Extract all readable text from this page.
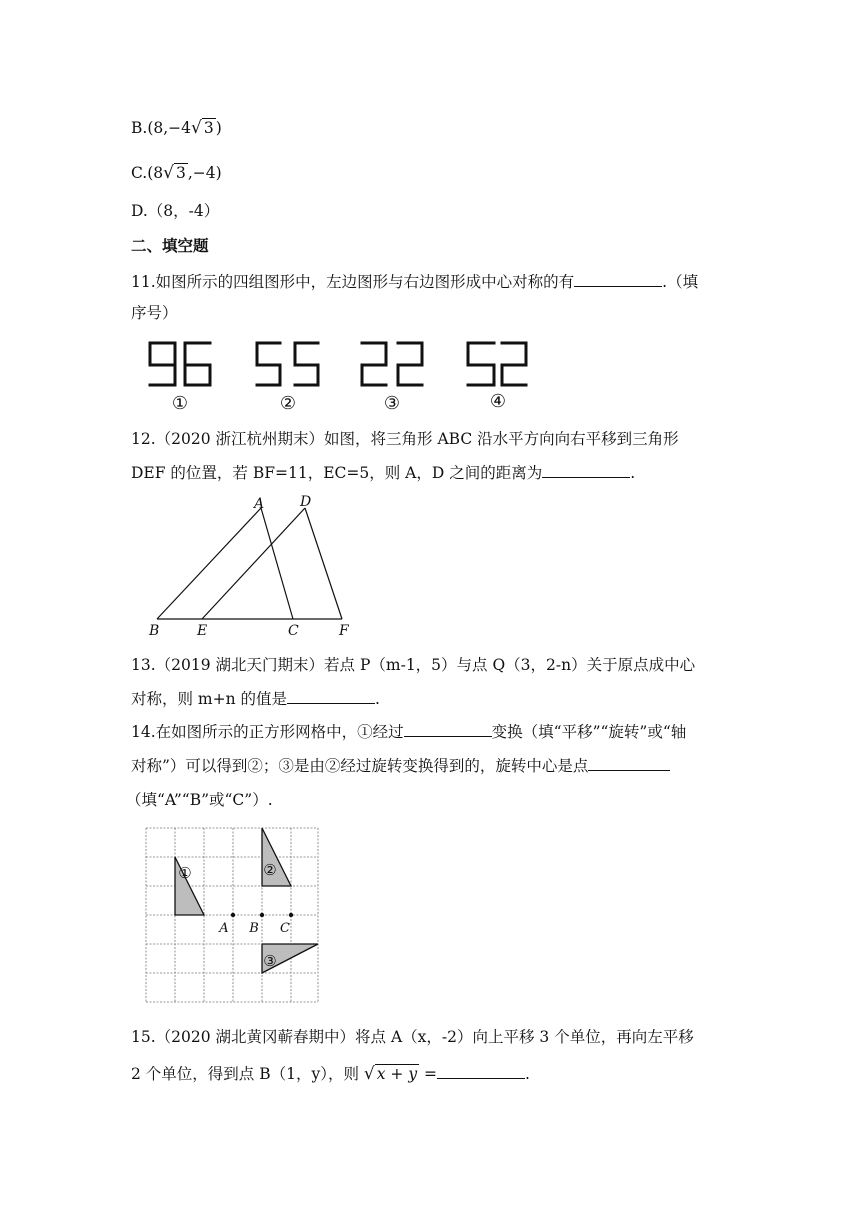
B.(8,−4√ 3 )
C.(8√ 3 ,−4)
D.（8，-4）
二、填空题
11.如图所示的四组图形中，左边图形与右边图形成中心对称的有	.（填
序号）
①	②	③	④
12.（2020 浙江杭州期末）如图，将三角形 ABC 沿水平方向向右平移到三角形
DEF 的位置，若 BF=11，EC=5，则 A，D 之间的距离为	.
A	D
B	E	C	F
13.（2019 湖北天门期末）若点 P（m-1，5）与点 Q（3，2-n）关于原点成中心
对称，则 m+n 的值是	.
14.在如图所示的正方形网格中，①经过	变换（填“平移”“旋转”或“轴
对称”）可以得到②；③是由②经过旋转变换得到的，旋转中心是点
（填“A”“B”或“C”）.
①	②
③
A B C
15.（2020 湖北黄冈蕲春期中）将点 A（x，-2）向上平移 3 个单位，再向左平移
2 个单位，得到点 B（1，y），则 √ x + y =	.
